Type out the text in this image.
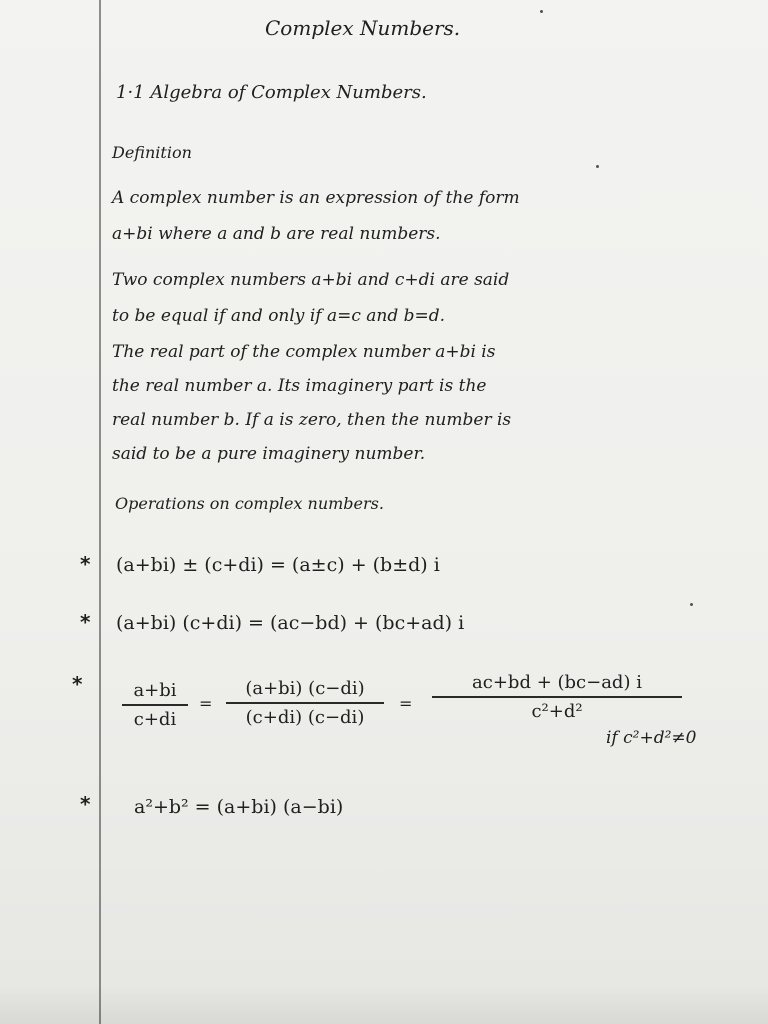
Complex Numbers.
1·1 Algebra of Complex Numbers.
Definition
A complex number is an expression of the form
a+bi where a and b are real numbers.
Two complex numbers a+bi and c+di are said
to be equal if and only if a=c and b=d.
The real part of the complex number a+bi is
the real number a. Its imaginery part is the
real number b. If a is zero, then the number is
said to be a pure imaginery number.
Operations on complex numbers.
* (a+bi) ± (c+di) = (a±c) + (b±d) i
* (a+bi) (c+di) = (ac−bd) + (bc+ad) i
*	a+bi
c+di
=
(a+bi) (c−di)
(c+di) (c−di)
=
ac+bd + (bc−ad) i
c²+d²
if c²+d²≠0
* a²+b² = (a+bi) (a−bi)
